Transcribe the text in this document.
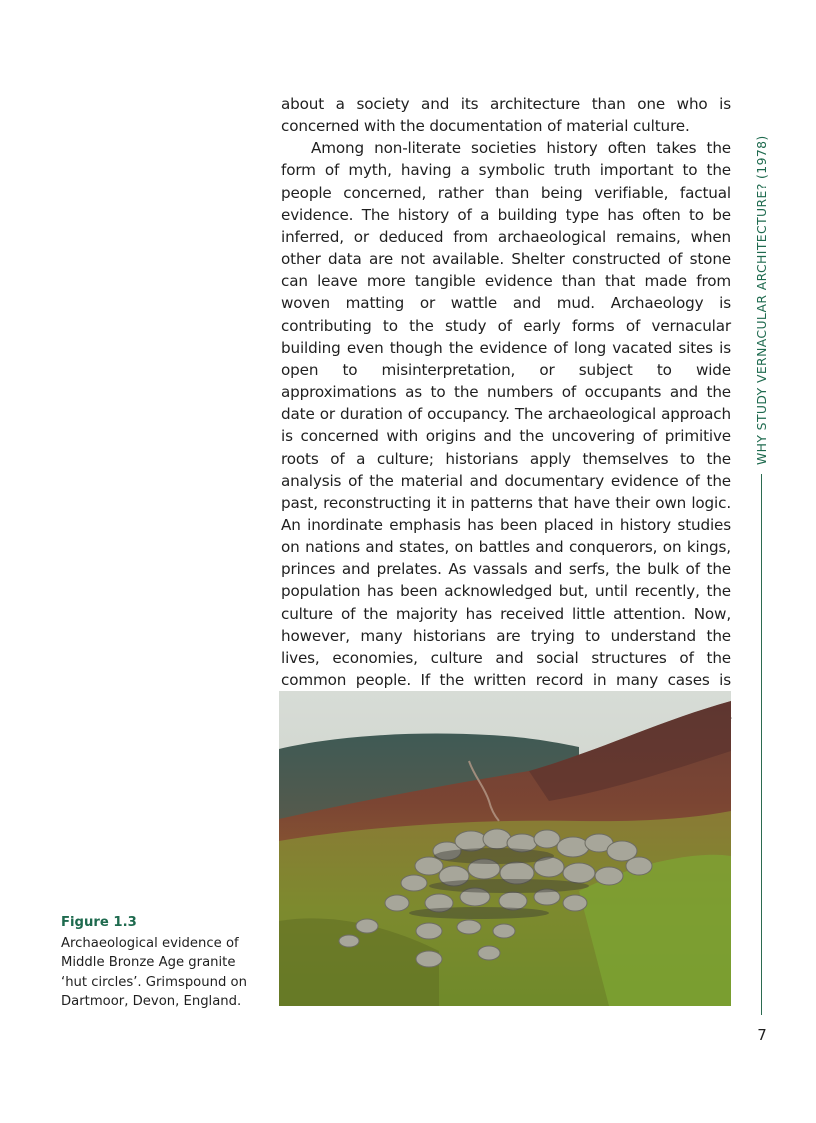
about a society and its architecture than one who is concerned with the documentation of material culture.

Among non-literate societies history often takes the form of myth, having a symbolic truth important to the people concerned, rather than being verifiable, factual evidence. The history of a building type has often to be inferred, or deduced from archaeological remains, when other data are not available. Shelter constructed of stone can leave more tangible evidence than that made from woven matting or wattle and mud. Archaeology is contributing to the study of early forms of vernacular building even though the evidence of long vacated sites is open to misinterpretation, or subject to wide approximations as to the numbers of occupants and the date or duration of occupancy. The archaeological approach is concerned with origins and the uncovering of primitive roots of a culture; historians apply themselves to the analysis of the material and documentary evidence of the past, reconstructing it in patterns that have their own logic. An inordinate emphasis has been placed in history studies on nations and states, on battles and conquerors, on kings, princes and prelates. As vassals and serfs, the bulk of the population has been acknowledged but, until recently, the culture of the majority has received little attention. Now, however, many historians are trying to understand the lives, economies, culture and social structures of the common people. If the written record in many cases is

WHY STUDY VERNACULAR ARCHITECTURE? (1978)
7
Figure 1.3
Archaeological evidence of Middle Bronze Age granite ‘hut circles’. Grimspound on Dartmoor, Devon, England.
